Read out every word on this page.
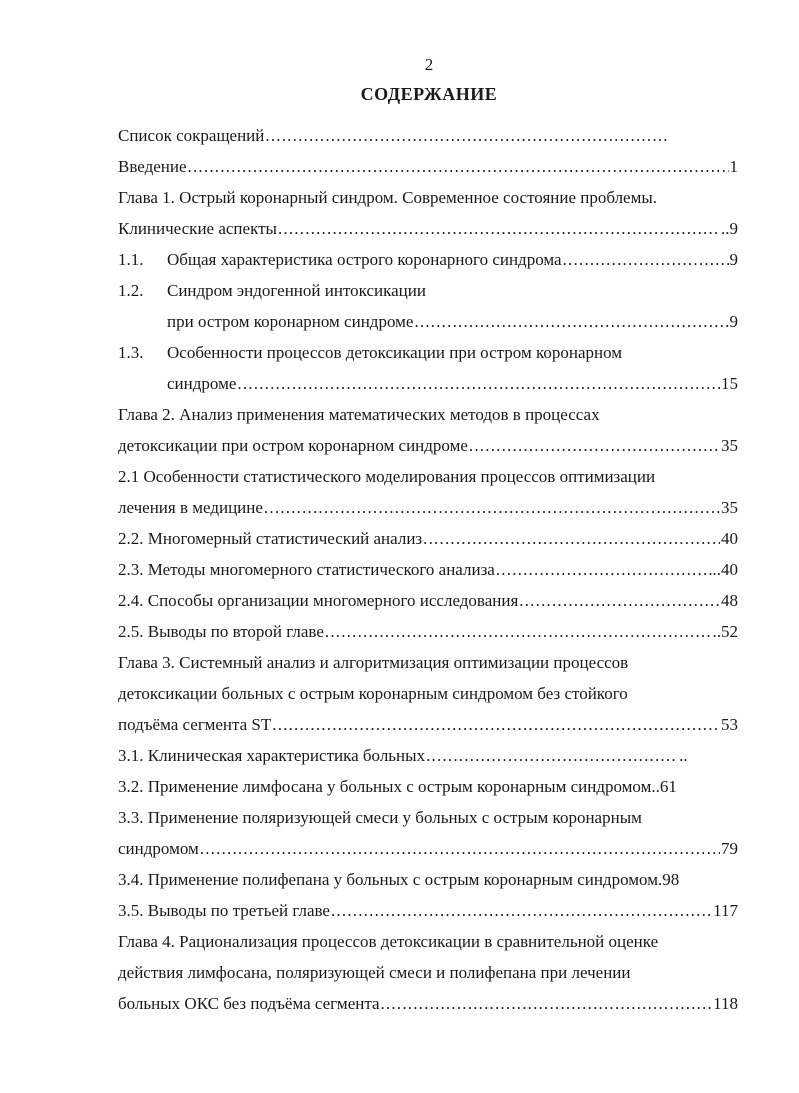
2
СОДЕРЖАНИЕ
Список сокращений
.....
Введение .....	1
Глава 1. Острый коронарный синдром. Современное состояние проблемы.
Клинические аспекты .....	..9
1.1.	Общая характеристика острого коронарного синдрома .....	9
1.2.	Синдром эндогенной интоксикации
при остром коронарном синдроме .....	9
1.3.	Особенности процессов детоксикации при остром коронарном
синдроме .....	15
Глава 2. Анализ применения математических методов в процессах
детоксикации при остром коронарном синдроме .....	35
2.1 Особенности статистического моделирования процессов оптимизации
лечения в медицине .....	35
2.2. Многомерный статистический анализ .....	40
2.3. Методы многомерного статистического анализа .....	..40
2.4. Способы организации многомерного исследования .....	48
2.5. Выводы по второй главе .....	..52
Глава 3. Системный анализ и алгоритмизация оптимизации процессов
детоксикации больных с острым коронарным синдромом без стойкого
подъёма сегмента ST .....	53
3.1. Клиническая характеристика больных .....	..
3.2. Применение лимфосана у больных с острым коронарным синдромом..61
3.3. Применение поляризующей смеси у больных с острым коронарным
синдромом .....	79
3.4. Применение полифепана у больных с острым коронарным синдромом.98
3.5. Выводы по третьей главе .....	117
Глава 4. Рационализация процессов детоксикации в сравнительной оценке
действия лимфосана, поляризующей смеси и полифепана при лечении
больных ОКС без подъёма сегмента .....	118
